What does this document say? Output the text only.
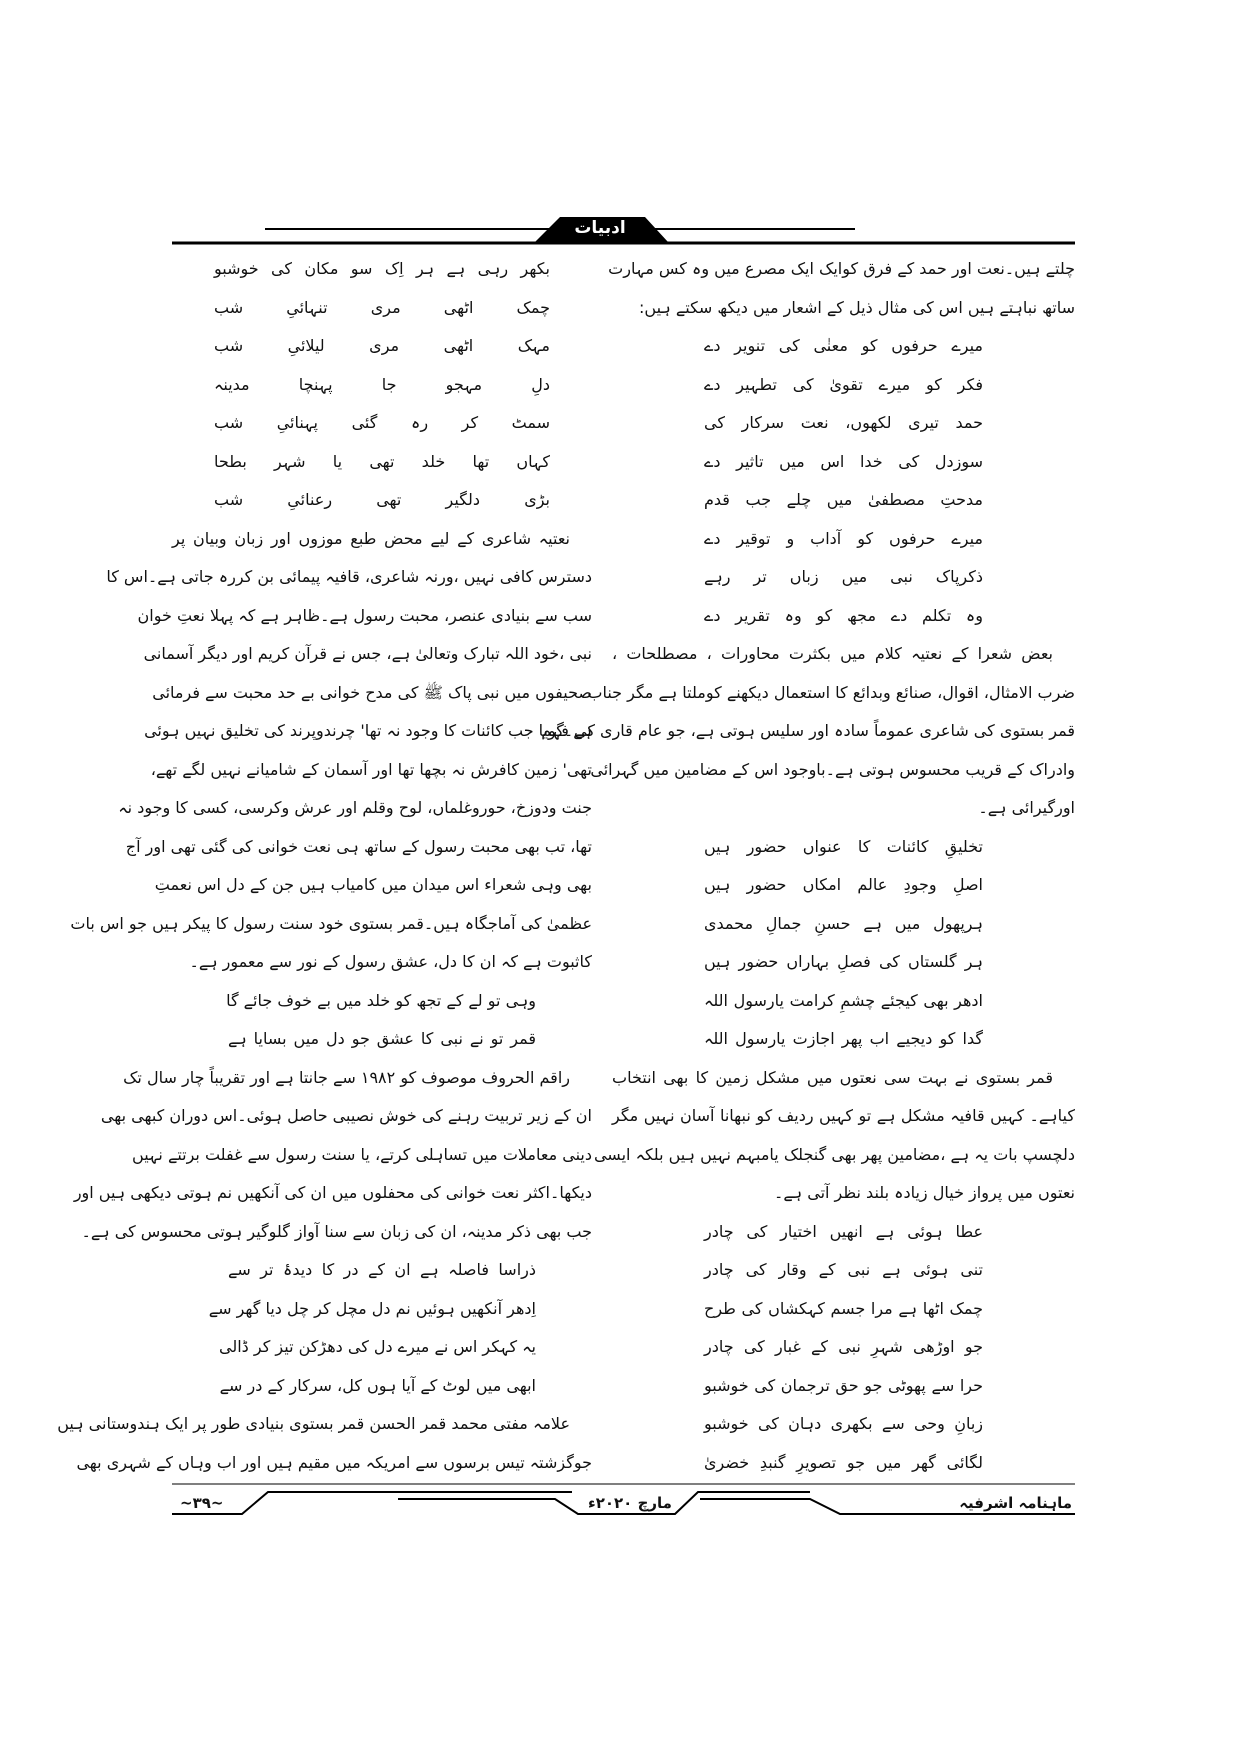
ادبیات
چلتے ہیں۔نعت اور حمد کے فرق کوایک ایک مصرع میں وہ کس مہارت
ساتھ نباہتے ہیں اس کی مثال ذیل کے اشعار میں دیکھ سکتے ہیں:
میرے حرفوں کو معنٰی کی تنویر دے
فکر کو میرے تقویٰ کی تطہیر دے
حمد تیری لکھوں، نعت سرکار کی
سوزدل کی خدا اس میں تاثیر دے
مدحتِ مصطفیٰ میں چلے جب قدم
میرے حرفوں کو آداب و توقیر دے
ذکرپاک نبی میں زباں تر رہے
وہ تکلم دے مجھ کو وہ تقریر دے
بعض شعرا کے نعتیہ کلام میں بکثرت محاورات ، مصطلحات ،
ضرب الامثال، اقوال، صنائع وبدائع کا استعمال دیکھنے کوملتا ہے مگر جناب
قمر بستوی کی شاعری عموماً سادہ اور سلیس ہوتی ہے، جو عام قاری کی فہم
وادراک کے قریب محسوس ہوتی ہے۔باوجود اس کے مضامین میں گہرائی
اورگیرائی ہے۔
تخلیقِ کائنات کا عنواں حضور ہیں
اصلِ وجودِ عالم امکاں حضور ہیں
ہرپھول میں ہے حسنِ جمالِ محمدی
ہر گلستاں کی فصلِ بہاراں حضور ہیں
ادھر بھی کیجئے چشمِ کرامت یارسول اللہ
گدا کو دیجیے اب پھر اجازت یارسول اللہ
قمر بستوی نے بہت سی نعتوں میں مشکل زمین کا بھی انتخاب
کیاہے۔ کہیں قافیہ مشکل ہے تو کہیں ردیف کو نبھانا آسان نہیں مگر
دلچسپ بات یہ ہے ،مضامین پھر بھی گنجلک یامبہم نہیں ہیں بلکہ ایسی
نعتوں میں پرواز خیال زیادہ بلند نظر آتی ہے۔
عطا ہوئی ہے انھیں اختیار کی چادر
تنی ہوئی ہے نبی کے وقار کی چادر
چمک اٹھا ہے مرا جسم کہکشاں کی طرح
جو اوڑھی شہرِ نبی کے غبار کی چادر
حرا سے پھوٹی جو حق ترجمان کی خوشبو
زبانِ وحی سے بکھری دہان کی خوشبو
لگائی گھر میں جو تصویرِ گنبدِ خضریٰ
بکھر رہی ہے ہر اِک سو مکان کی خوشبو
چمک اٹھی مری تنہائیِ شب
مہک اٹھی مری لیلائیِ شب
دلِ مہجو جا پہنچا مدینہ
سمٹ کر رہ گئی پہنائیِ شب
کہاں تھا خلد تھی یا شہر بطحا
بڑی دلگیر تھی رعنائیِ شب
نعتیہ شاعری کے لیے محض طبع موزوں اور زبان وبیان پر
دسترس کافی نہیں ،ورنہ شاعری، قافیہ پیمائی بن کررہ جاتی ہے۔اس کا
سب سے بنیادی عنصر، محبت رسول ہے۔ظاہر ہے کہ پہلا نعتِ خوان
نبی ،خود اللہ تبارک وتعالیٰ ہے، جس نے قرآن کریم اور دیگر آسمانی
صحیفوں میں نبی پاک ﷺ کی مدح خوانی بے حد محبت سے فرمائی
ہے۔گویا جب کائنات کا وجود نہ تھا' چرندوپرند کی تخلیق نہیں ہوئی
تھی' زمین کافرش نہ بچھا تھا اور آسمان کے شامیانے نہیں لگے تھے،
جنت ودوزخ، حوروغلماں، لوح وقلم اور عرش وکرسی، کسی کا وجود نہ
تھا، تب بھی محبت رسول کے ساتھ ہی نعت خوانی کی گئی تھی اور آج
بھی وہی شعراء اس میدان میں کامیاب ہیں جن کے دل اس نعمتِ
عظمیٰ کی آماجگاہ ہیں۔قمر بستوی خود سنت رسول کا پیکر ہیں جو اس بات
کاثبوت ہے کہ ان کا دل، عشق رسول کے نور سے معمور ہے۔
وہی تو لے کے تجھ کو خلد میں بے خوف جائے گا
قمر تو نے نبی کا عشق جو دل میں بسایا ہے
راقم الحروف موصوف کو ۱۹۸۲ سے جانتا ہے اور تقریباً چار سال تک
ان کے زیر تربیت رہنے کی خوش نصیبی حاصل ہوئی۔اس دوران کبھی بھی
دینی معاملات میں تساہلی کرتے، یا سنت رسول سے غفلت برتتے نہیں
دیکھا۔اکثر نعت خوانی کی محفلوں میں ان کی آنکھیں نم ہوتی دیکھی ہیں اور
جب بھی ذکر مدینہ، ان کی زبان سے سنا آواز گلوگیر ہوتی محسوس کی ہے۔
ذراسا فاصلہ ہے ان کے در کا دیدۂ تر سے
اِدھر آنکھیں ہوئیں نم دل مچل کر چل دیا گھر سے
یہ کہکر اس نے میرے دل کی دھڑکن تیز کر ڈالی
ابھی میں لوٹ کے آیا ہوں کل، سرکار کے در سے
علامہ مفتی محمد قمر الحسن قمر بستوی بنیادی طور پر ایک ہندوستانی ہیں
جوگزشتہ تیس برسوں سے امریکہ میں مقیم ہیں اور اب وہاں کے شہری بھی
~۳۹~	مارچ ۲۰۲۰ء	ماہنامہ اشرفیہ
